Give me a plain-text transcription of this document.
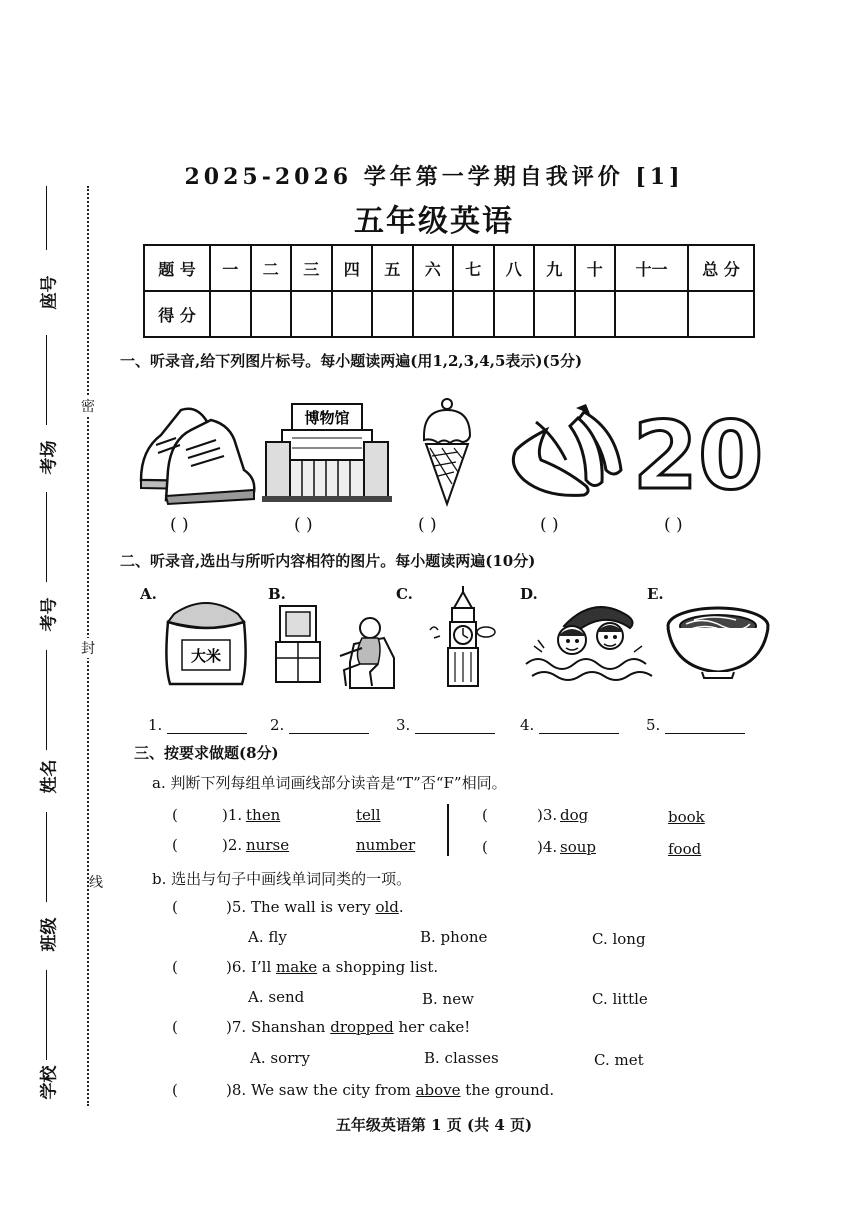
座号
考场
考号
姓名
班级
学校
密
封
线
2025-2026 学年第一学期自我评价 [1]
五年级英语
题 号	一	二	三	四	五	六	七	八	九	十	十一	总 分
得 分												
一、听录音,给下列图片标号。每小题读两遍(用1,2,3,4,5表示)(5分)
博物馆	20
( )	( )	( )	( )	( )
二、听录音,选出与所听内容相符的图片。每小题读两遍(10分)
A.	B.	C.	D.	E.
大米
1.	2.	3.	4.	5.
三、按要求做题(8分)
a. 判断下列每组单词画线部分读音是“T”否“F”相同。
(	)1. then	tell
(	)2. nurse	number
(	)3. dog	book
(	)4. soup	food
b. 选出与句子中画线单词同类的一项。
(	)5. The wall is very old.
A. fly	B. phone	C. long
(	)6. I’ll make a shopping list.
A. send	B. new	C. little
(	)7. Shanshan dropped her cake!
A. sorry	B. classes	C. met
(	)8. We saw the city from above the ground.
五年级英语第 1 页 (共 4 页)
